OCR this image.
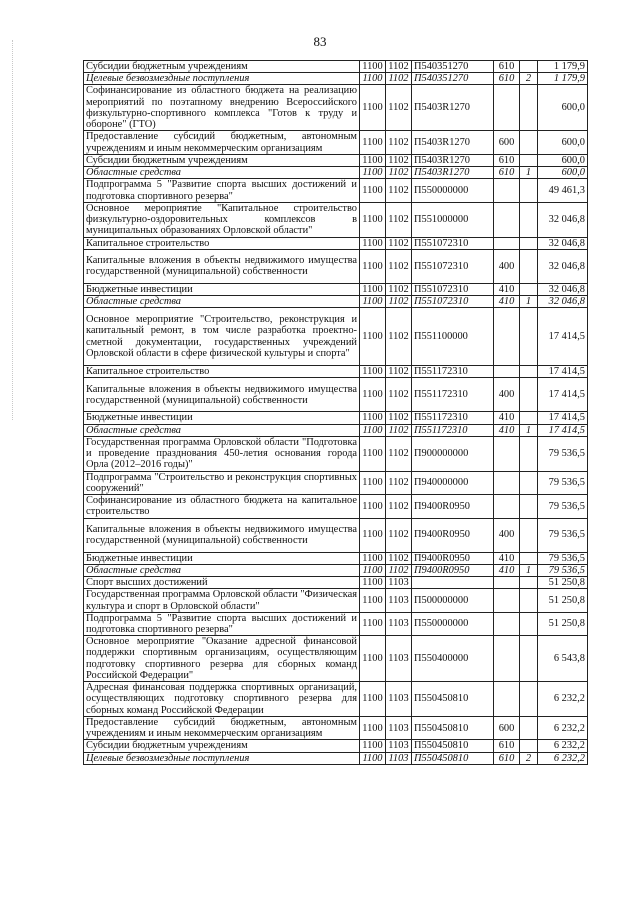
83
Субсидии бюджетным учреждениям	1100	1102	П540351270	610		1 179,9
Целевые безвозмездные поступления	1100	1102	П540351270	610	2	1 179,9
Софинансирование из областного бюджета на реализацию мероприятий по поэтапному внедрению Всероссийского физкультурно-спортивного комплекса "Готов к труду и обороне" (ГТО)	1100	1102	П5403R1270			600,0
Предоставление субсидий бюджетным, автономным учреждениям и иным некоммерческим организациям	1100	1102	П5403R1270	600		600,0
Субсидии бюджетным учреждениям	1100	1102	П5403R1270	610		600,0
Областные средства	1100	1102	П5403R1270	610	1	600,0
Подпрограмма 5 "Развитие спорта высших достижений и подготовка спортивного резерва"	1100	1102	П550000000			49 461,3
Основное мероприятие "Капитальное строительство физкультурно-оздоровительных комплексов в муниципальных образованиях Орловской области"	1100	1102	П551000000			32 046,8
Капитальное строительство	1100	1102	П551072310			32 046,8
Капитальные вложения в объекты недвижимого имущества государственной (муниципальной) собственности	1100	1102	П551072310	400		32 046,8
Бюджетные инвестиции	1100	1102	П551072310	410		32 046,8
Областные средства	1100	1102	П551072310	410	1	32 046,8
Основное мероприятие "Строительство, реконструкция и капитальный ремонт, в том числе разработка проектно-сметной документации, государственных учреждений Орловской области в сфере физической культуры и спорта"	1100	1102	П551100000			17 414,5
Капитальное строительство	1100	1102	П551172310			17 414,5
Капитальные вложения в объекты недвижимого имущества государственной (муниципальной) собственности	1100	1102	П551172310	400		17 414,5
Бюджетные инвестиции	1100	1102	П551172310	410		17 414,5
Областные средства	1100	1102	П551172310	410	1	17 414,5
Государственная программа Орловской области "Подготовка и проведение празднования 450-летия основания города Орла (2012–2016 годы)"	1100	1102	П900000000			79 536,5
Подпрограмма "Строительство и реконструкция спортивных сооружений"	1100	1102	П940000000			79 536,5
Софинансирование из областного бюджета на капитальное строительство	1100	1102	П9400R0950			79 536,5
Капитальные вложения в объекты недвижимого имущества государственной (муниципальной) собственности	1100	1102	П9400R0950	400		79 536,5
Бюджетные инвестиции	1100	1102	П9400R0950	410		79 536,5
Областные средства	1100	1102	П9400R0950	410	1	79 536,5
Спорт высших достижений	1100	1103				51 250,8
Государственная программа Орловской области "Физическая культура и спорт в Орловской области"	1100	1103	П500000000			51 250,8
Подпрограмма 5 "Развитие спорта высших достижений и подготовка спортивного резерва"	1100	1103	П550000000			51 250,8
Основное мероприятие "Оказание адресной финансовой поддержки спортивным организациям, осуществляющим подготовку спортивного резерва для сборных команд Российской Федерации"	1100	1103	П550400000			6 543,8
Адресная финансовая поддержка спортивных организаций, осуществляющих подготовку спортивного резерва для сборных команд Российской Федерации	1100	1103	П550450810			6 232,2
Предоставление субсидий бюджетным, автономным учреждениям и иным некоммерческим организациям	1100	1103	П550450810	600		6 232,2
Субсидии бюджетным учреждениям	1100	1103	П550450810	610		6 232,2
Целевые безвозмездные поступления	1100	1103	П550450810	610	2	6 232,2
